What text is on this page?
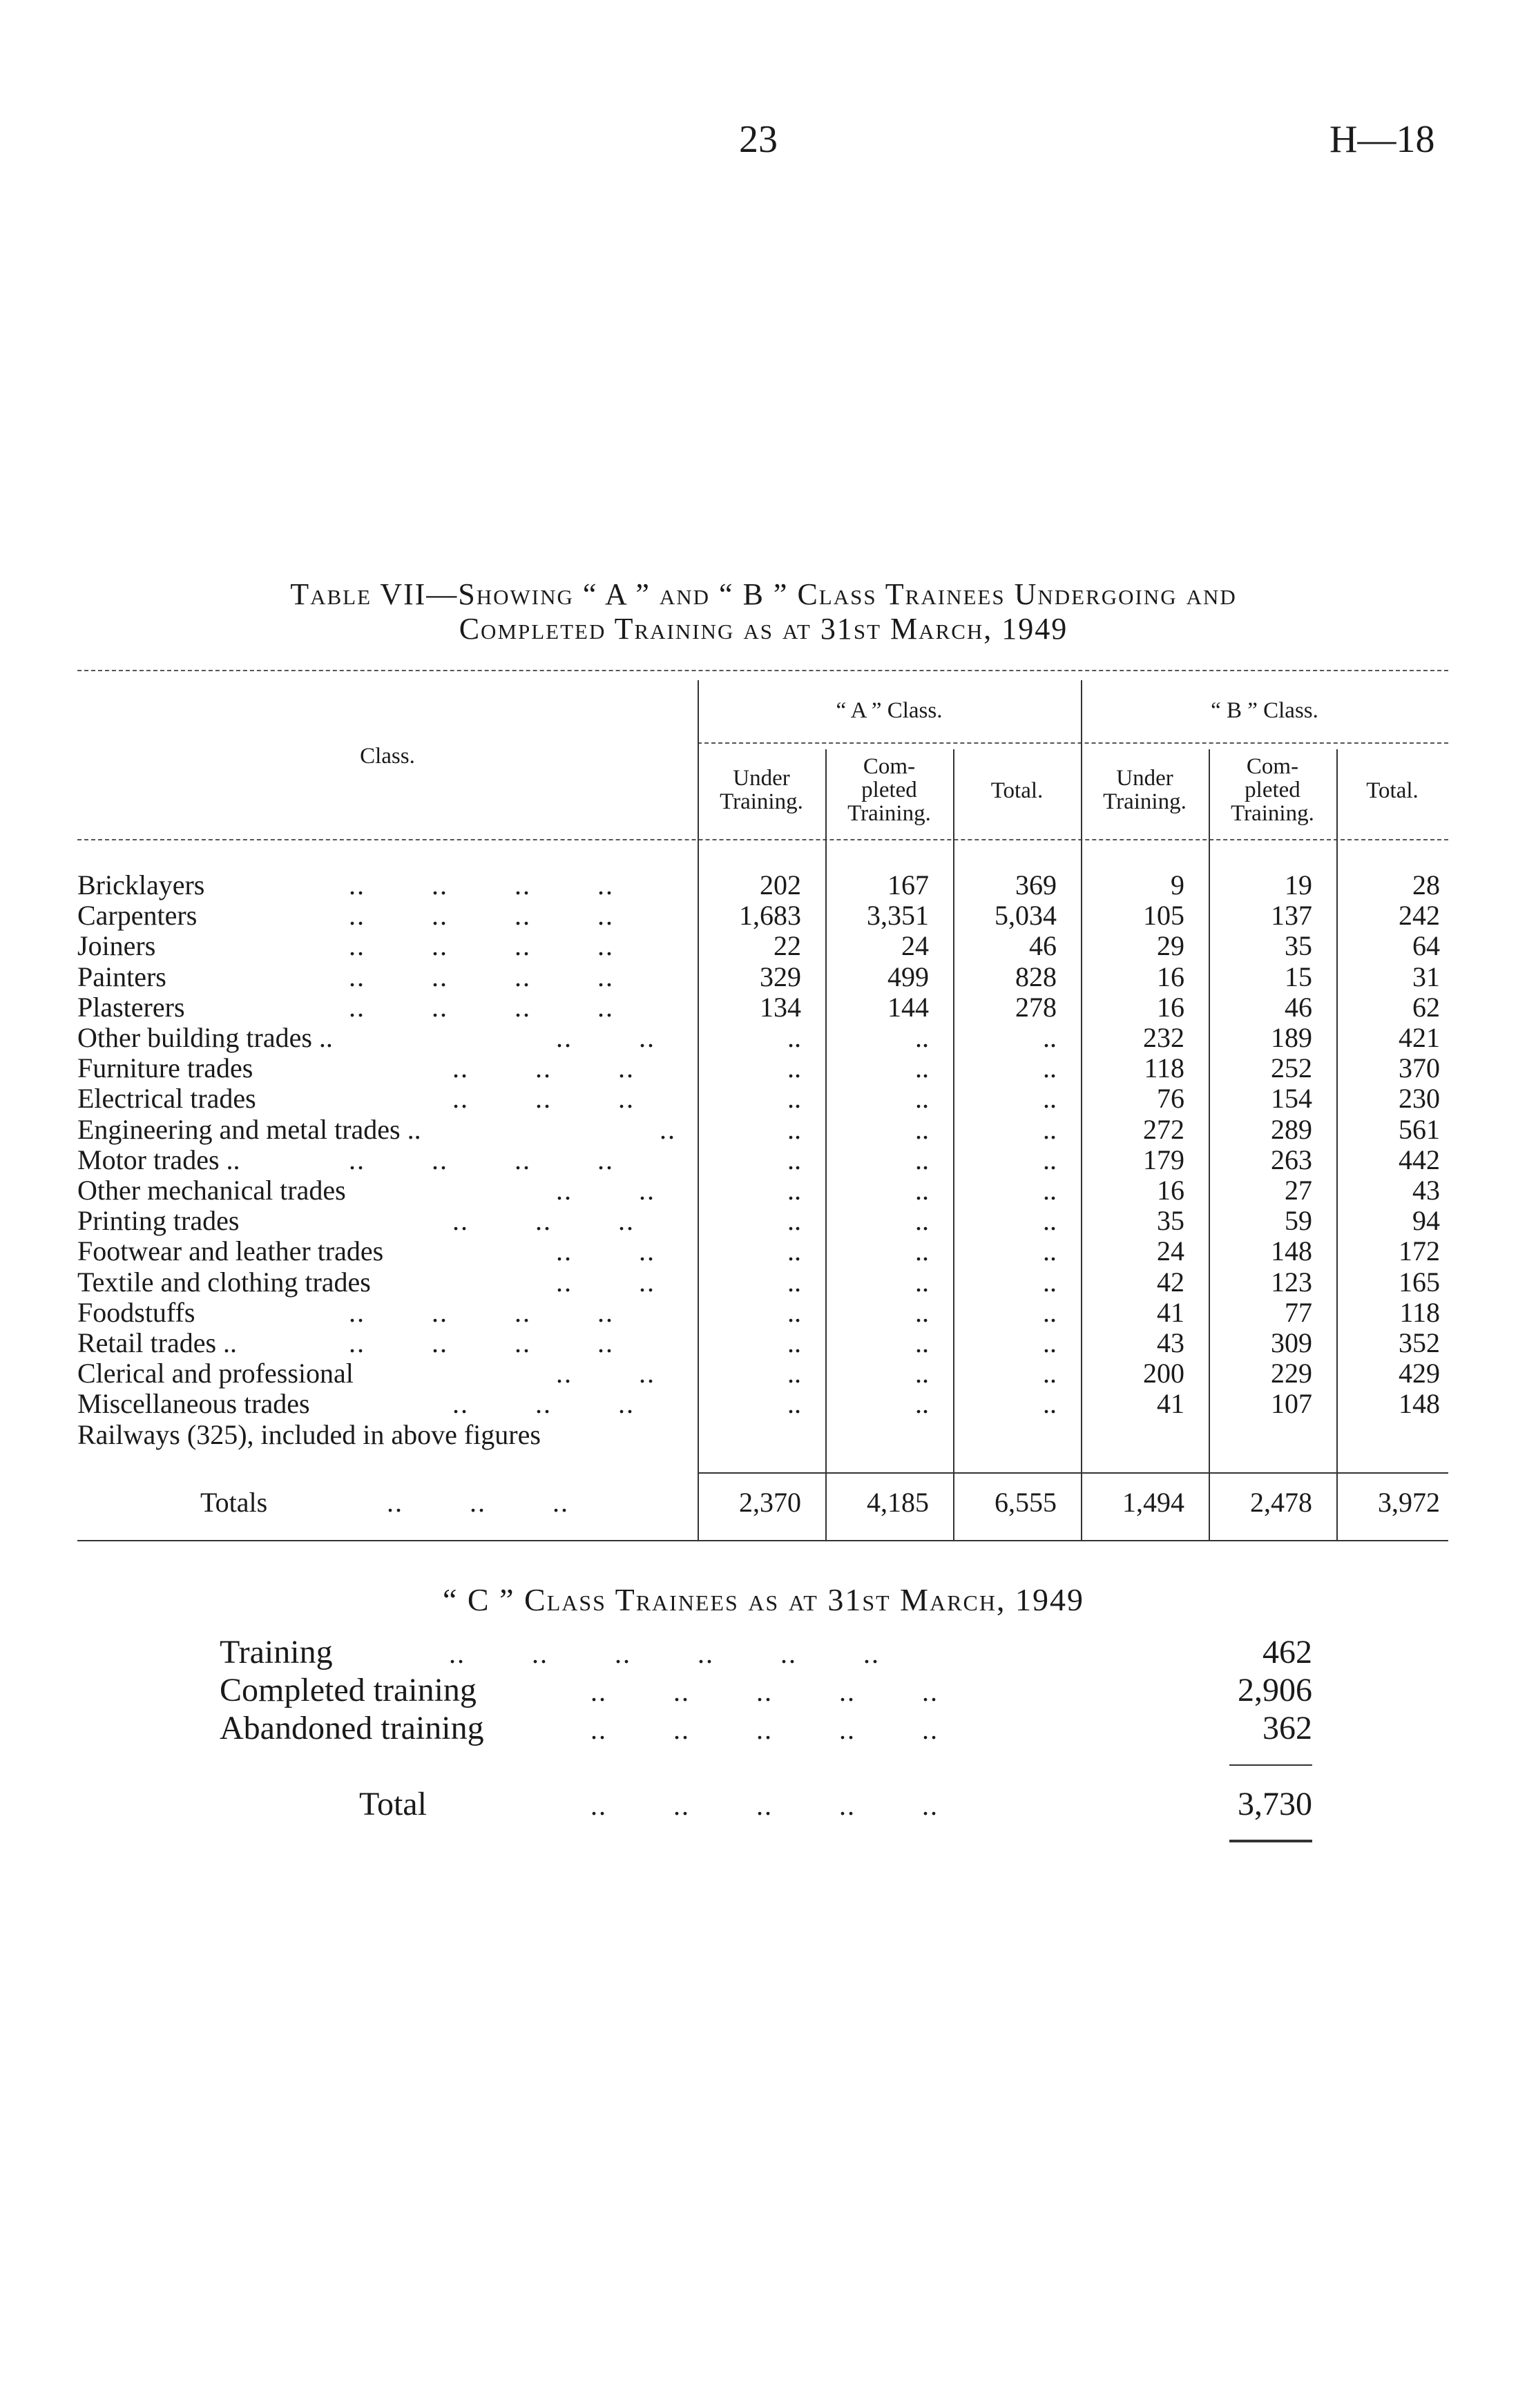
23	H—18
Table VII—Showing “ A ” and “ B ” Class Trainees Undergoing and
Completed Training as at 31st March, 1949
Class.
“ A ” Class.	“ B ” Class.
Under
Training.
Com-
pleted
Training.
Total.	Under
Training.
Com-
pleted
Training.
Total.
Bricklayers	..        ..        ..        ..	202	167	369	9	19	28
Carpenters	..        ..        ..        ..	1,683	3,351	5,034	105	137	242
Joiners	..        ..        ..        ..	22	24	46	29	35	64
Painters	..        ..        ..        ..	329	499	828	16	15	31
Plasterers	..        ..        ..        ..	134	144	278	16	46	62
Other building trades ..	..        ..	..	..	..	232	189	421
Furniture trades	..        ..        ..	..	..	..	118	252	370
Electrical trades	..        ..        ..	..	..	..	76	154	230
Engineering and metal trades ..	..	..	..	..	272	289	561
Motor trades ..	..        ..        ..        ..	..	..	..	179	263	442
Other mechanical trades	..        ..	..	..	..	16	27	43
Printing trades	..        ..        ..	..	..	..	35	59	94
Footwear and leather trades	..        ..	..	..	..	24	148	172
Textile and clothing trades	..        ..	..	..	..	42	123	165
Foodstuffs	..        ..        ..        ..	..	..	..	41	77	118
Retail trades ..	..        ..        ..        ..	..	..	..	43	309	352
Clerical and professional	..        ..	..	..	..	200	229	429
Miscellaneous trades	..        ..        ..	..	..	..	41	107	148
Railways (325), included in above figures
Totals	..        ..        ..	2,370	4,185	6,555	1,494	2,478	3,972
“ C ” Class Trainees as at 31st March, 1949
Training	..        ..        ..        ..        ..        ..	462
Completed training	..        ..        ..        ..        ..	2,906
Abandoned training	..        ..        ..        ..        ..	362
Total	..        ..        ..        ..        ..	3,730
